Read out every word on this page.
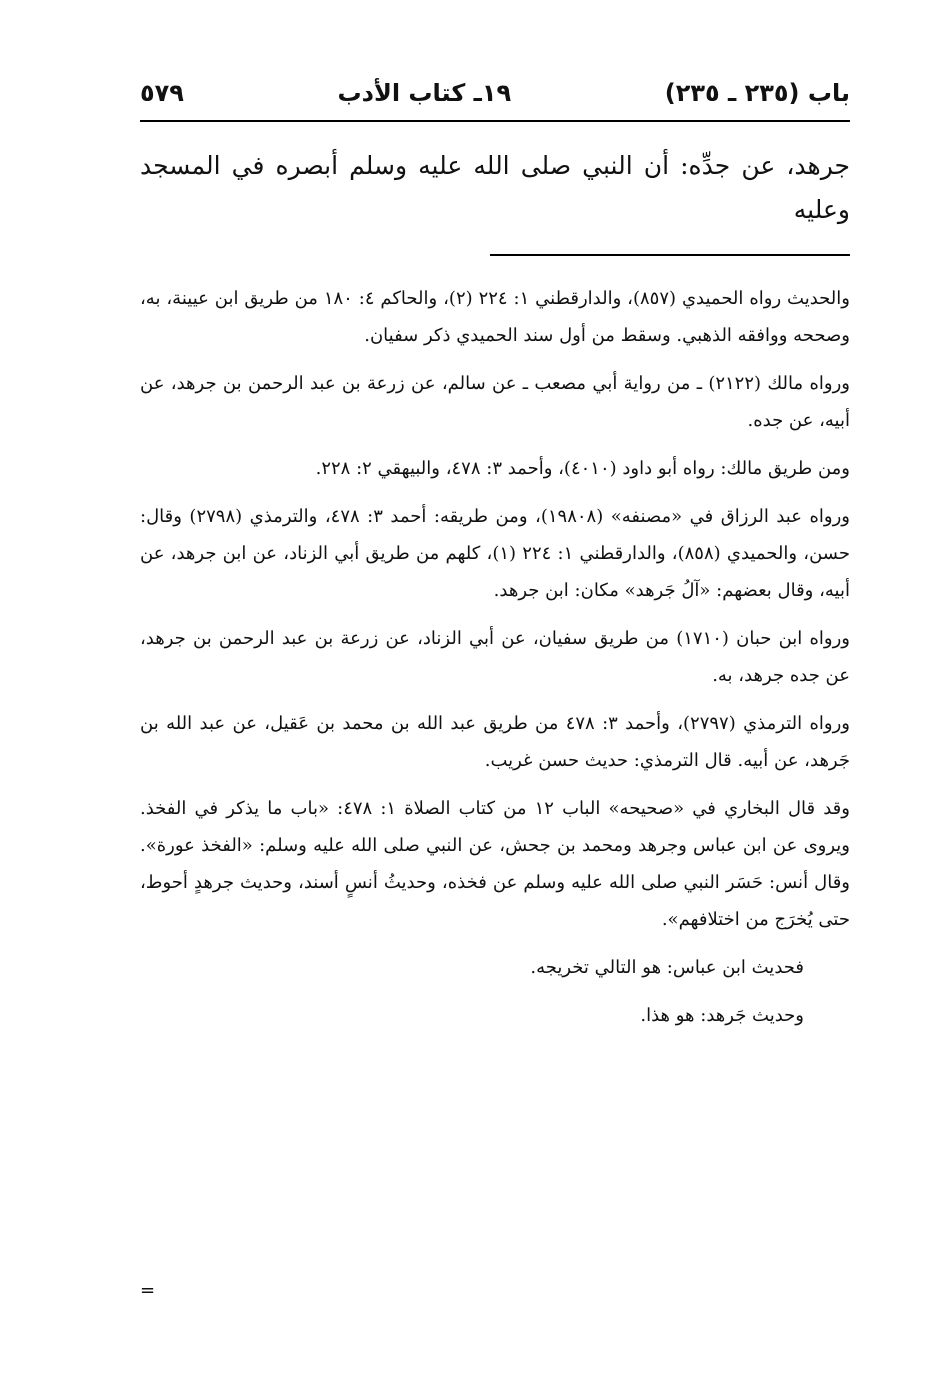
باب (٢٣٥ ـ ٢٣٥)
١٩ـ كتاب الأدب
٥٧٩
جرهد، عن جدِّه: أن النبي صلى الله عليه وسلم أبصره في المسجد وعليه

والحديث رواه الحميدي (٨٥٧)، والدارقطني ١: ٢٢٤ (٢)، والحاكم ٤: ١٨٠ من طريق ابن عيينة، به، وصححه ووافقه الذهبي. وسقط من أول سند الحميدي ذكر سفيان.

ورواه مالك (٢١٢٢) ـ من رواية أبي مصعب ـ عن سالم، عن زرعة بن عبد الرحمن بن جرهد، عن أبيه، عن جده.

ومن طريق مالك: رواه أبو داود (٤٠١٠)، وأحمد ٣: ٤٧٨، والبيهقي ٢: ٢٢٨.

ورواه عبد الرزاق في «مصنفه» (١٩٨٠٨)، ومن طريقه: أحمد ٣: ٤٧٨، والترمذي (٢٧٩٨) وقال: حسن، والحميدي (٨٥٨)، والدارقطني ١: ٢٢٤ (١)، كلهم من طريق أبي الزناد، عن ابن جرهد، عن أبيه، وقال بعضهم: «آلُ جَرهد» مكان: ابن جرهد.

ورواه ابن حبان (١٧١٠) من طريق سفيان، عن أبي الزناد، عن زرعة بن عبد الرحمن بن جرهد، عن جده جرهد، به.

ورواه الترمذي (٢٧٩٧)، وأحمد ٣: ٤٧٨ من طريق عبد الله بن محمد بن عَقيل، عن عبد الله بن جَرهد، عن أبيه. قال الترمذي: حديث حسن غريب.

وقد قال البخاري في «صحيحه» الباب ١٢ من كتاب الصلاة ١: ٤٧٨: «باب ما يذكر في الفخذ. ويروى عن ابن عباس وجرهد ومحمد بن جحش، عن النبي صلى الله عليه وسلم: «الفخذ عورة». وقال أنس: حَسَر النبي صلى الله عليه وسلم عن فخذه، وحديثُ أنسٍ أسند، وحديث جرهدٍ أحوط، حتى يُخرَج من اختلافهم».

فحديث ابن عباس: هو التالي تخريجه.

وحديث جَرهد: هو هذا.

=
